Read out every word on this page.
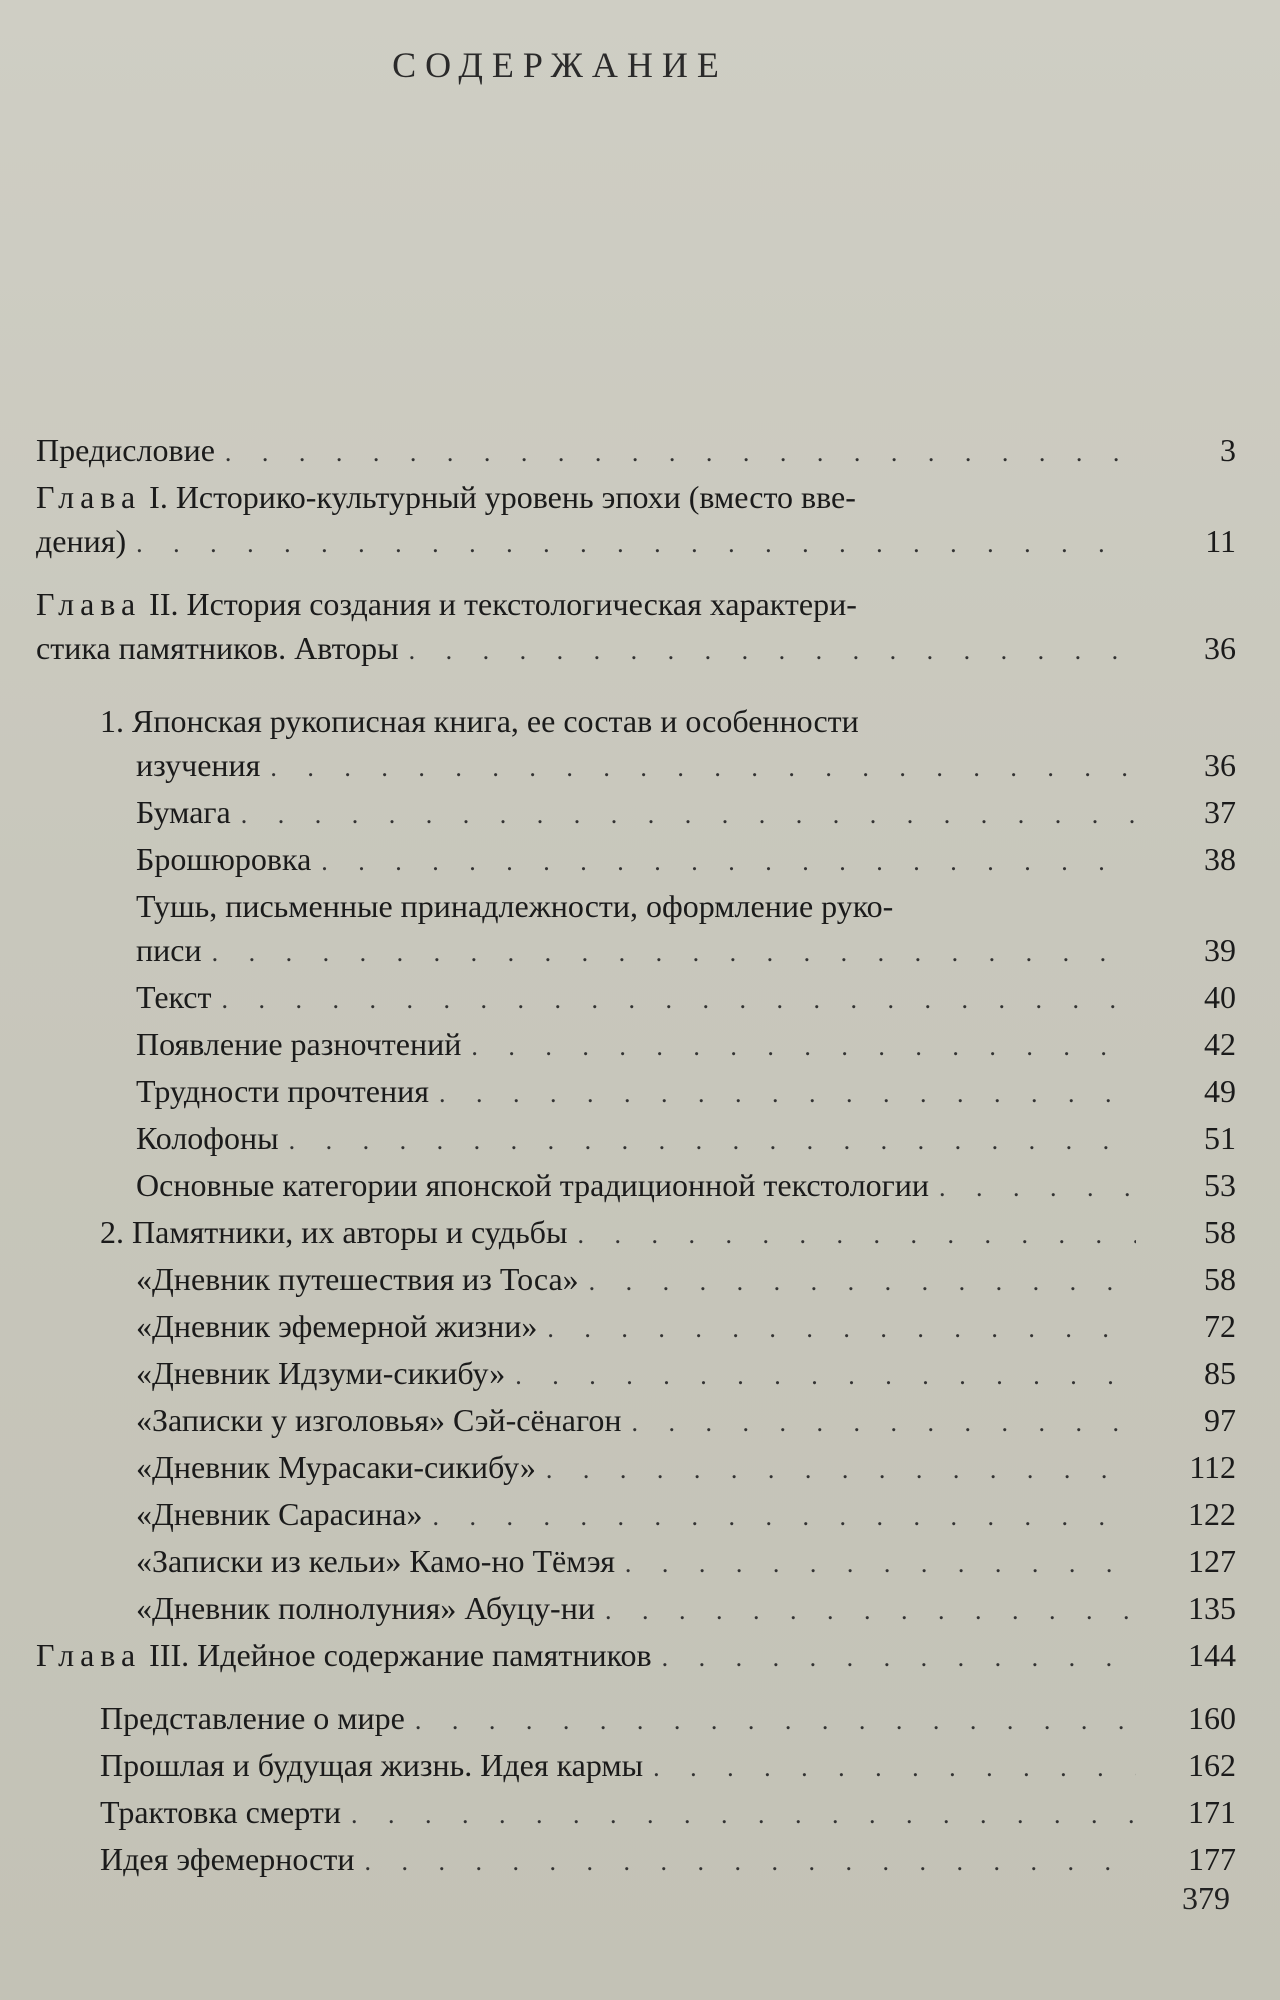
СОДЕРЖАНИЕ
Предисловие . . .	3
Глава I. Историко-культурный уровень эпохи (вместо вве-
дения) . . .	11
Глава II. История создания и текстологическая характери-
стика памятников. Авторы . . .	36
1. Японская рукописная книга, ее состав и особенности
изучения . . .	36
Бумага . . .	37
Брошюровка . . .	38
Тушь, письменные принадлежности, оформление руко-
писи . . .	39
Текст . . .	40
Появление разночтений . . .	42
Трудности прочтения . . .	49
Колофоны . . .	51
Основные категории японской традиционной текстологии . . .	53
2. Памятники, их авторы и судьбы . . .	58
«Дневник путешествия из Тоса» . . .	58
«Дневник эфемерной жизни» . . .	72
«Дневник Идзуми-сикибу» . . .	85
«Записки у изголовья» Сэй-сёнагон . . .	97
«Дневник Мурасаки-сикибу» . . .	112
«Дневник Сарасина» . . .	122
«Записки из кельи» Камо-но Тёмэя . . .	127
«Дневник полнолуния» Абуцу-ни . . .	135
Глава III. Идейное содержание памятников . . .	144
Представление о мире . . .	160
Прошлая и будущая жизнь. Идея кармы . . .	162
Трактовка смерти . . .	171
Идея эфемерности . . .	177
379
